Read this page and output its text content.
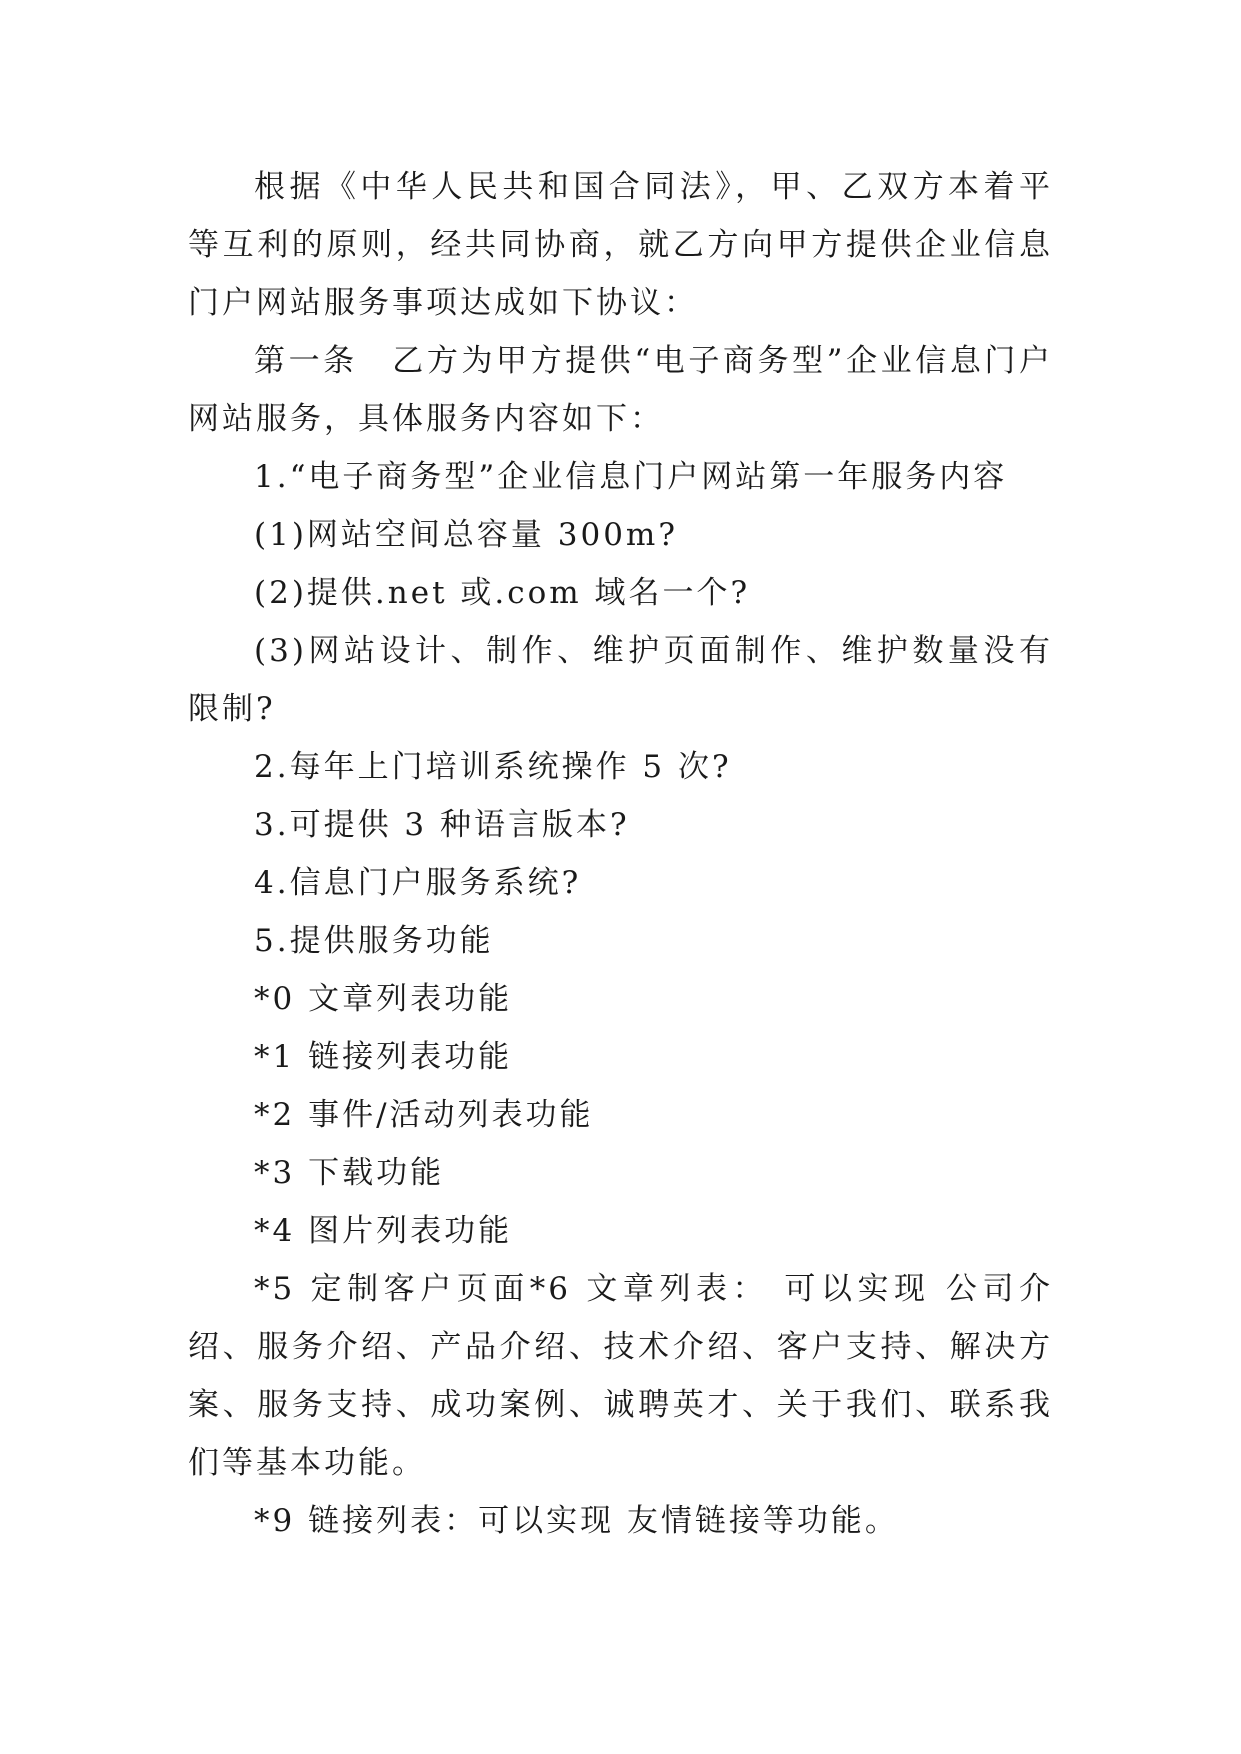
根据《中华人民共和国合同法》，甲、乙双方本着平等互利的原则，经共同协商，就乙方向甲方提供企业信息门户网站服务事项达成如下协议：

第一条　乙方为甲方提供“电子商务型”企业信息门户网站服务，具体服务内容如下：

1.“电子商务型”企业信息门户网站第一年服务内容

(1)网站空间总容量 300m?

(2)提供.net 或.com 域名一个?

(3)网站设计、制作、维护页面制作、维护数量没有限制?

2.每年上门培训系统操作 5 次?

3.可提供 3 种语言版本?

4.信息门户服务系统?

5.提供服务功能

*0 文章列表功能

*1 链接列表功能

*2 事件/活动列表功能

*3 下载功能

*4 图片列表功能

*5 定制客户页面*6 文章列表： 可以实现 公司介绍、服务介绍、产品介绍、技术介绍、客户支持、解决方案、服务支持、成功案例、诚聘英才、关于我们、联系我们等基本功能。

*9 链接列表：可以实现 友情链接等功能。
